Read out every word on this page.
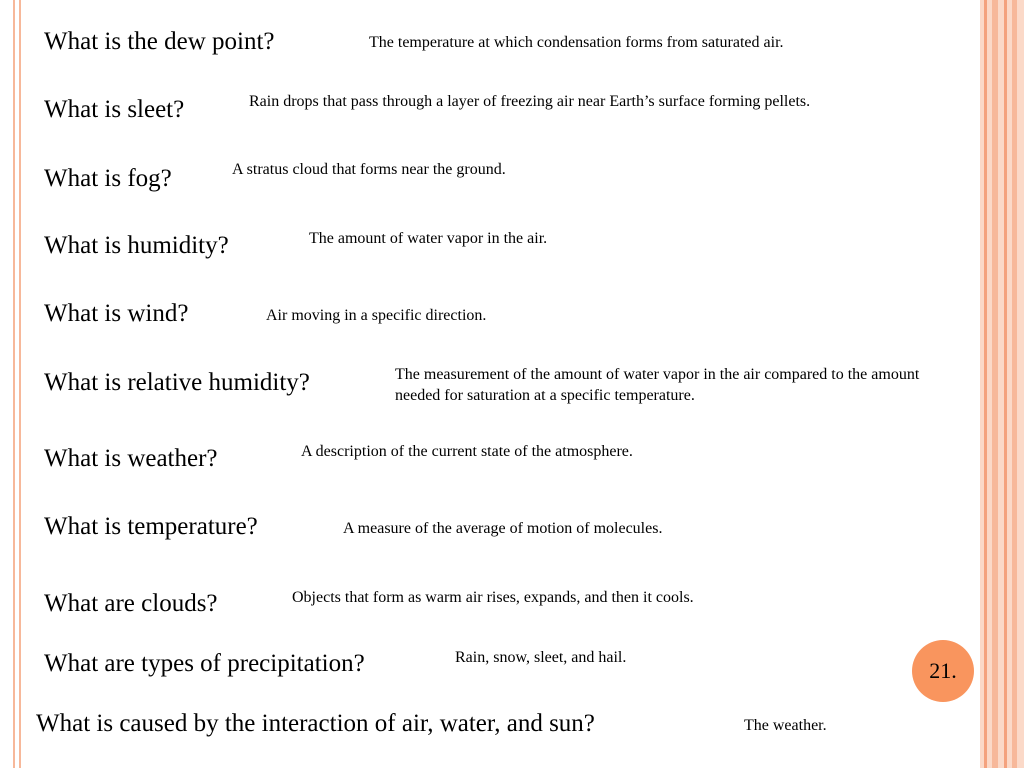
What is the dew point?	The temperature at which condensation forms from saturated air.
What is sleet?	Rain drops that pass through a layer of freezing air near Earth’s surface forming pellets.
What is fog?	A stratus cloud that forms near the ground.
What is humidity?	The amount of water vapor in the air.
What is wind?	Air moving in a specific direction.
What is relative humidity?	The measurement of the amount of water vapor in the air compared to the amount needed for saturation at a specific temperature.
What is weather?	A description of the current state of the atmosphere.
What is temperature?	A measure of the average of motion of molecules.
What are clouds?	Objects that form as warm air rises, expands, and then it cools.
What are types of precipitation?	Rain, snow, sleet, and hail.
What is caused by the interaction of air, water, and sun?	The weather.
21.
